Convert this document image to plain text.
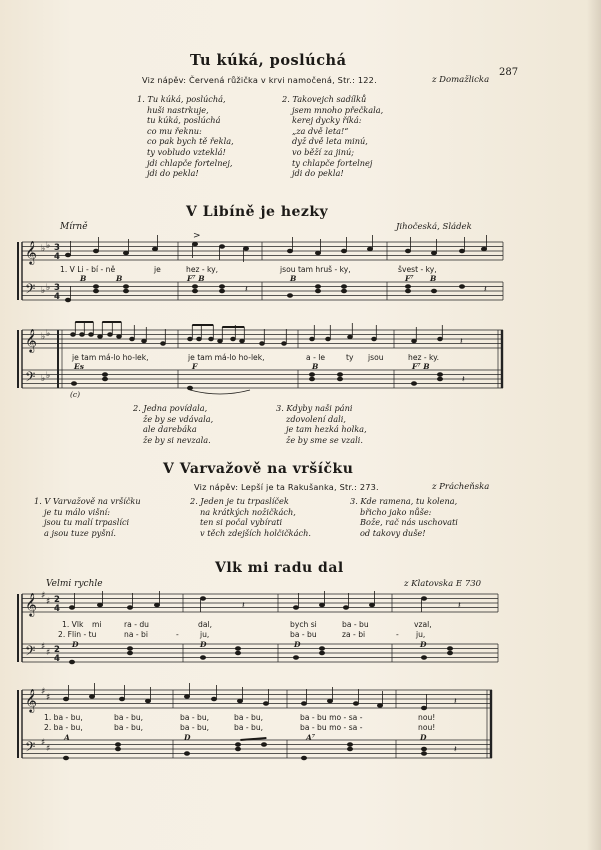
287
Tu kúká, poslúchá
Viz nápěv: Červená růžička v krvi namočená, Str.: 122.	z Domažlicka
1. Tu kúká, poslúchá,
huši nastrkuje,
tu kúká, poslúchá
co mu řeknu:
co pak bych tě řekla,
ty vobludo vzteklá!
jdi chlapče fortelnej,
jdi do pekla!
2. Takovejch sadílků
jsem mnoho přečkala,
kerej dycky říká:
„za dvě leta!“
dyž dvě leta minú,
vo běží za jinú;
ty chlapče fortelnej
jdi do pekla!
V Libíně je hezky
Mírně	Jihočeská, Sládek
𝄞
𝄢
♭ ♭
♭ ♭
3
4
3
4
𝄽	𝄽
>
1. V Li - bí - ně	je	hez - ky,	jsou tam hruš - ky,	švest - ky,
B	B	F⁷ B	B	F⁷ B
𝄞
𝄢
♭ ♭
♭ ♭
𝄽
𝄽
je tam má-lo ho-lek,	je tam má-lo ho-lek,	a - le	ty jsou	hez - ky.
Es	F	B	F⁷ B
(c)
2. Jedna povídala,
že by se vdávala,
ale darebáka
že by si nevzala.
3. Kdyby naši páni
zdovolení dali,
je tam hezká holka,
že by sme se vzali.
V Varvažově na vršíčku
Viz nápěv: Lepší je ta Rakušanka, Str.: 273.	z Prácheňska
1. V Varvažově na vršíčku
je tu málo višní:
jsou tu malí trpaslíci
a jsou tuze pyšní.
2. Jeden je tu trpaslíček
na krátkých nožičkách,
ten si počal vybírati
v těch zdejších holčičkách.
3. Kde ramena, tu kolena,
břicho jako nůše:
Bože, rač nás uschovati
od takovy duše!
Vlk mi radu dal
Velmi rychle	z Klatovska E 730
𝄞
𝄢
♯
♯
♯
♯
2
4
2
4
𝄽	𝄽
1. Vlk mi	ra - du	dal,	bych si	ba - bu	vzal,
2. Flin - tu	na - bi	-	ju,	ba - bu	za - bi	- ju,
D	D	D	D
𝄞
𝄢
♯
♯
♯
♯
𝄽
𝄽
1. ba - bu,	ba - bu,	ba - bu,	ba - bu,	ba - bu mo - sa -	nou!
2. ba - bu,	ba - bu,	ba - bu,	ba - bu,	ba - bu mo - sa -	nou!
A	D	A⁷	D
